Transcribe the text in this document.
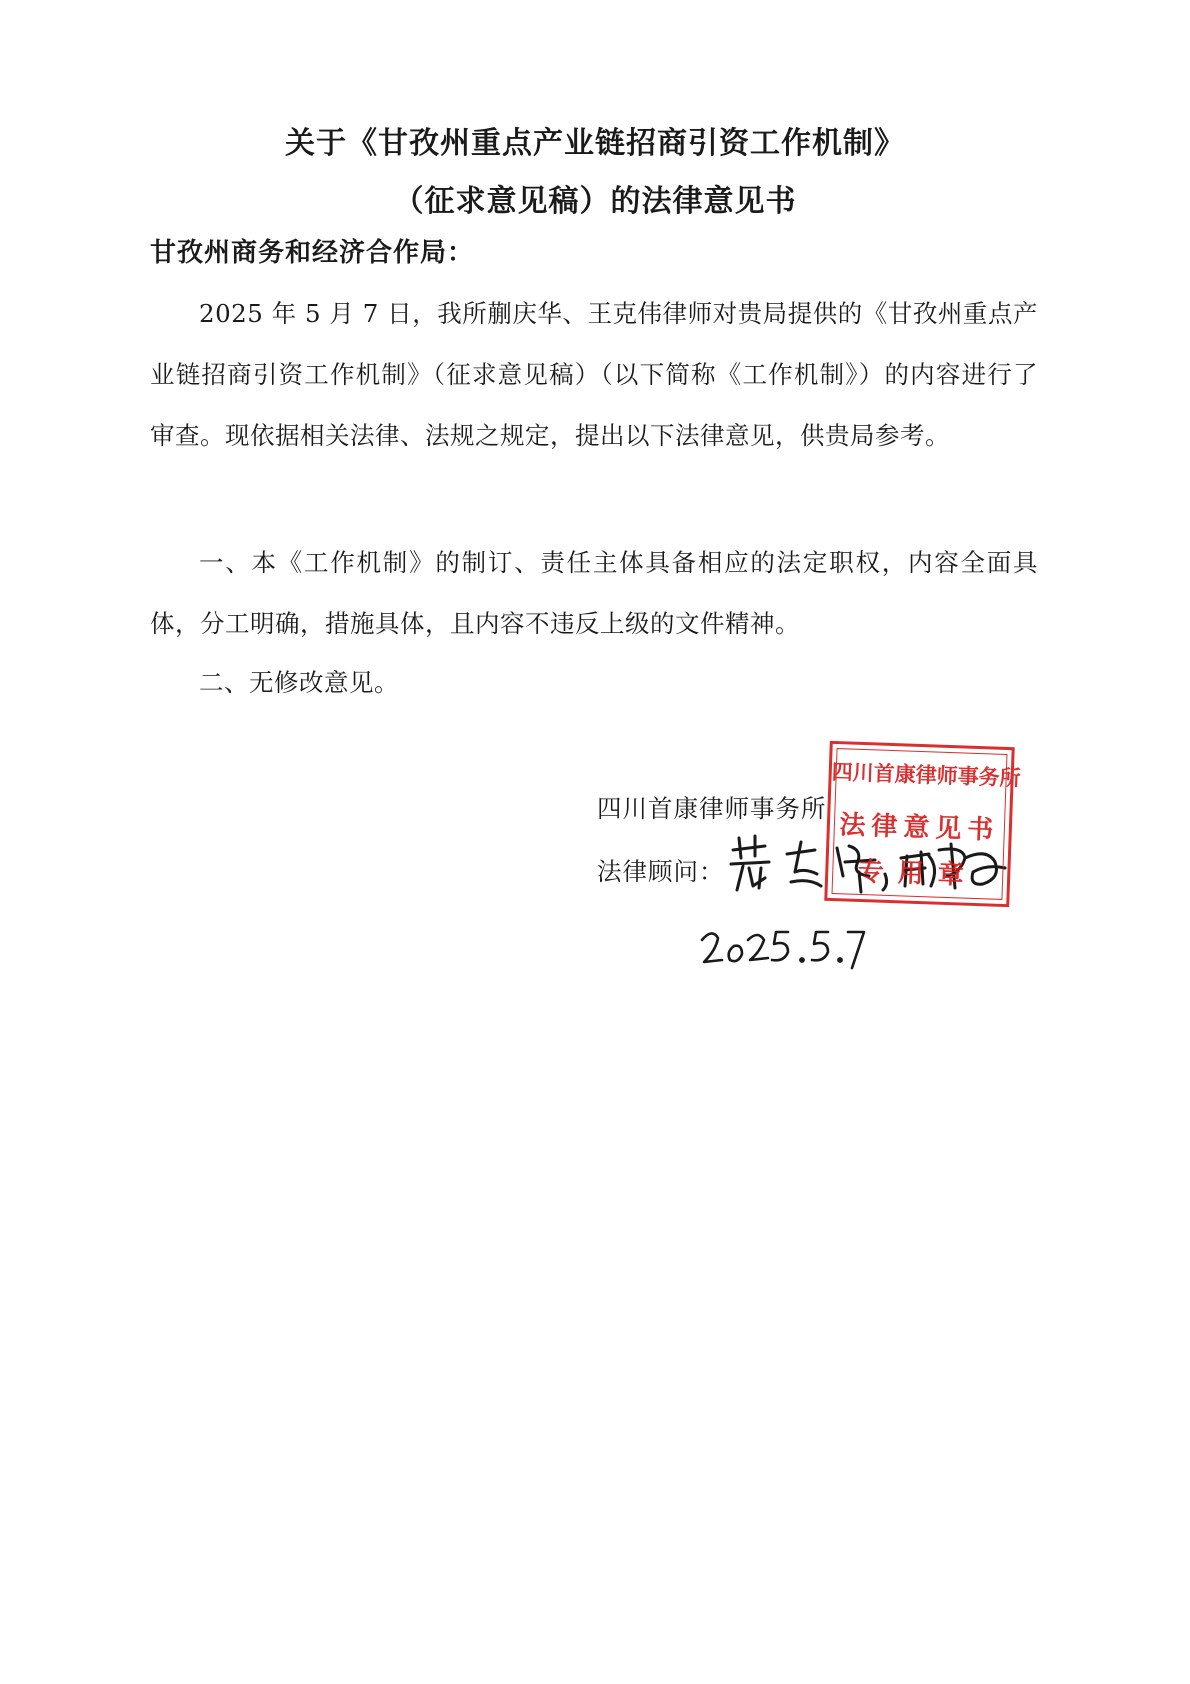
关于《甘孜州重点产业链招商引资工作机制》
（征求意见稿）的法律意见书
甘孜州商务和经济合作局：

2025 年 5 月 7 日，我所蒯庆华、王克伟律师对贵局提供的《甘孜州重点产业链招商引资工作机制》（征求意见稿）（以下简称《工作机制》）的内容进行了审查。现依据相关法律、法规之规定，提出以下法律意见，供贵局参考。

一、本《工作机制》的制订、责任主体具备相应的法定职权，内容全面具体，分工明确，措施具体，且内容不违反上级的文件精神。

二、无修改意见。

四川首康律师事务所
法律顾问：
四川首康律师事务所
法律意见书
专用章
